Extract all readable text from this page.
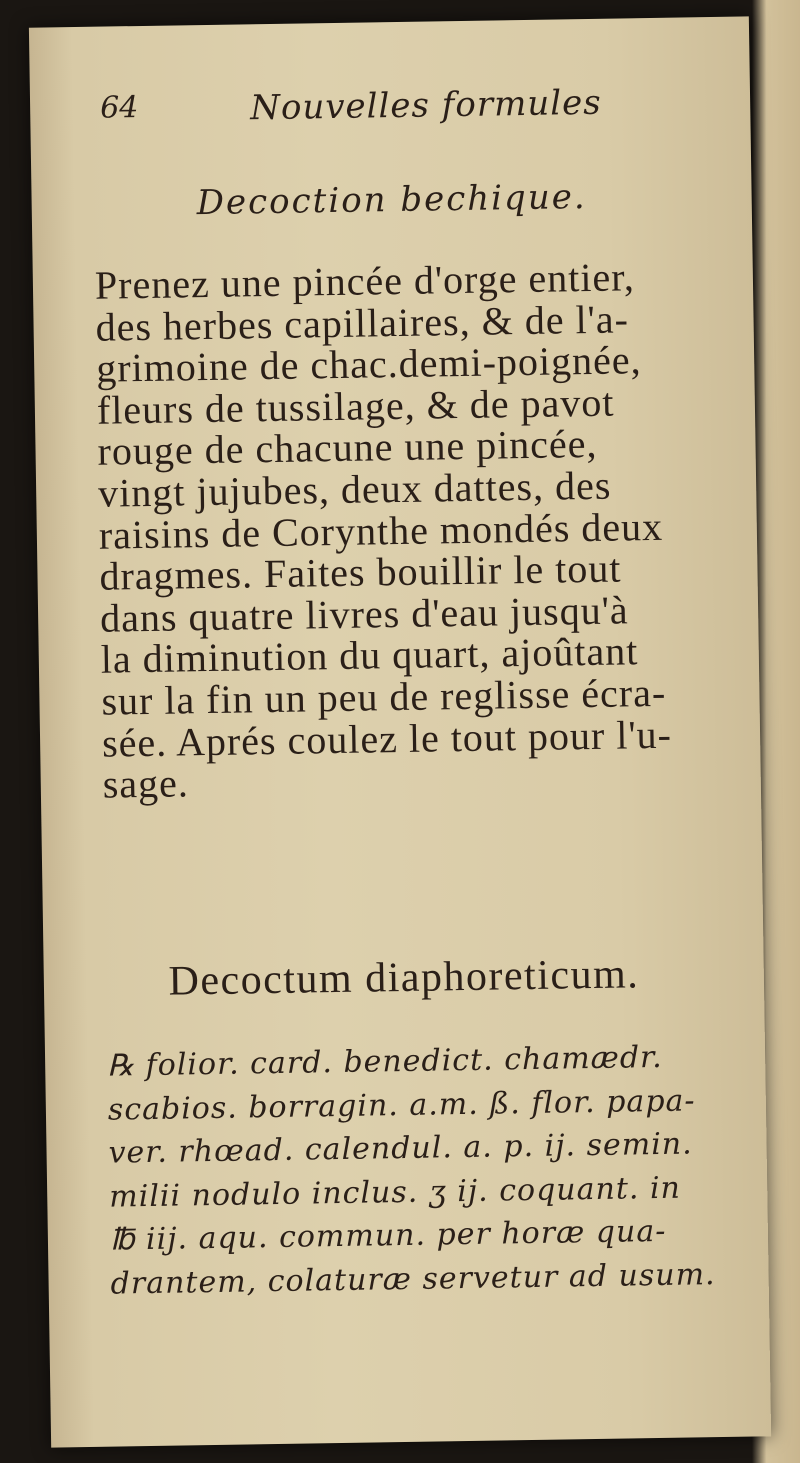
64	Nouvelles formules
Decoction bechique.
Prenez une pincée d'orge entier,
des herbes capillaires, & de l'a-
grimoine de chac.demi-poignée,
fleurs de tussilage, & de pavot
rouge de chacune une pincée,
vingt jujubes, deux dattes, des
raisins de Corynthe mondés deux
dragmes. Faites bouillir le tout
dans quatre livres d'eau jusqu'à
la diminution du quart, ajoûtant
sur la fin un peu de reglisse écra-
sée. Aprés coulez le tout pour l'u-
sage.
Decoctum diaphoreticum.
℞ folior. card. benedict. chamædr.
scabios. borragin. a.m. ß. flor. papa-
ver. rhœad. calendul. a. p. ij. semin.
milii nodulo inclus. ʒ ij. coquant. in
℔ iij. aqu. commun. per horæ qua-
drantem, colaturæ servetur ad usum.
